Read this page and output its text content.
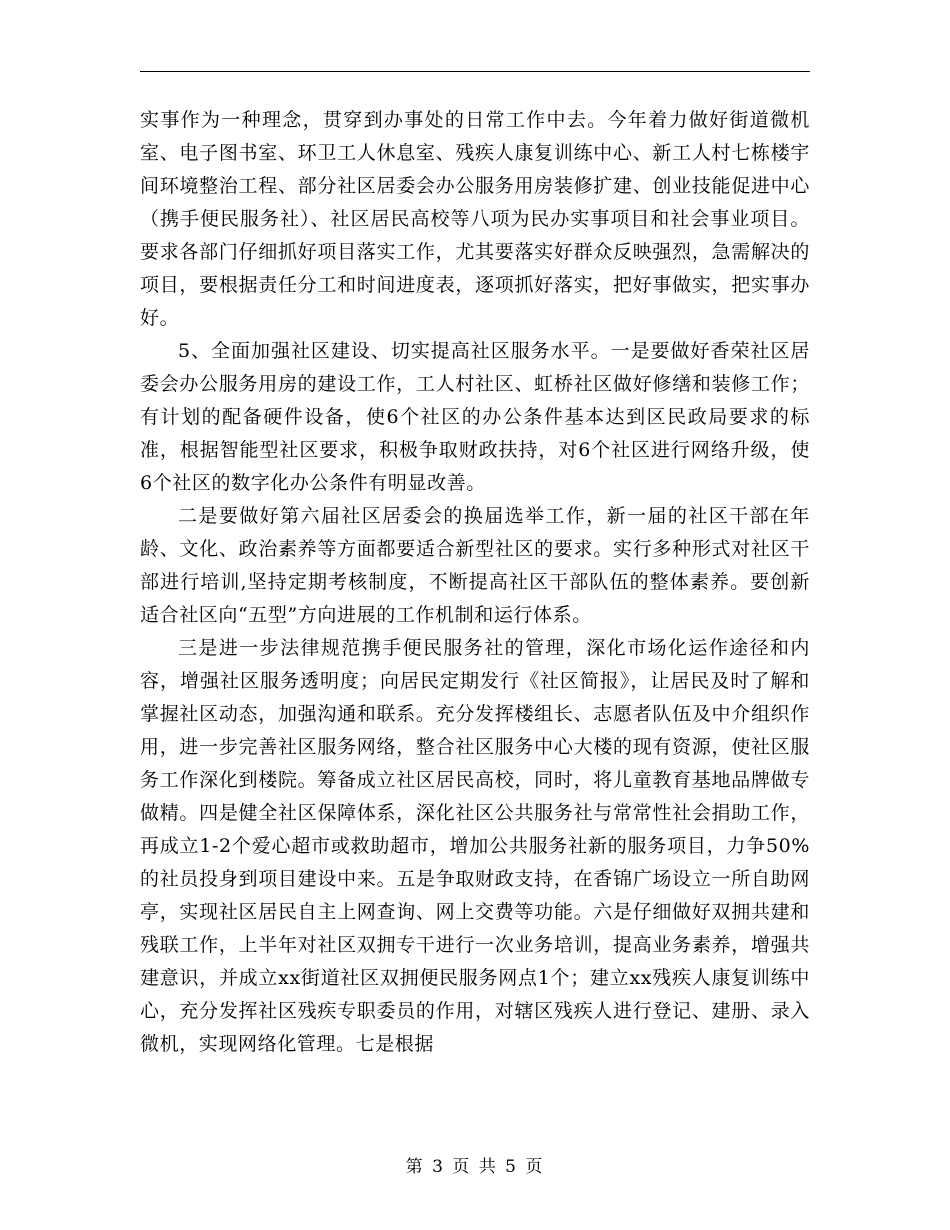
实事作为一种理念，贯穿到办事处的日常工作中去。今年着力做好街道微机室、电子图书室、环卫工人休息室、残疾人康复训练中心、新工人村七栋楼宇间环境整治工程、部分社区居委会办公服务用房装修扩建、创业技能促进中心（携手便民服务社）、社区居民高校等八项为民办实事项目和社会事业项目。要求各部门仔细抓好项目落实工作，尤其要落实好群众反映强烈，急需解决的项目，要根据责任分工和时间进度表，逐项抓好落实，把好事做实，把实事办好。

5、全面加强社区建设、切实提高社区服务水平。一是要做好香荣社区居委会办公服务用房的建设工作，工人村社区、虹桥社区做好修缮和装修工作；有计划的配备硬件设备，使6个社区的办公条件基本达到区民政局要求的标准，根据智能型社区要求，积极争取财政扶持，对6个社区进行网络升级，使6个社区的数字化办公条件有明显改善。

二是要做好第六届社区居委会的换届选举工作，新一届的社区干部在年龄、文化、政治素养等方面都要适合新型社区的要求。实行多种形式对社区干部进行培训,坚持定期考核制度，不断提高社区干部队伍的整体素养。要创新适合社区向“五型”方向进展的工作机制和运行体系。

三是进一步法律规范携手便民服务社的管理，深化市场化运作途径和内容，增强社区服务透明度；向居民定期发行《社区简报》，让居民及时了解和掌握社区动态，加强沟通和联系。充分发挥楼组长、志愿者队伍及中介组织作用，进一步完善社区服务网络，整合社区服务中心大楼的现有资源，使社区服务工作深化到楼院。筹备成立社区居民高校，同时，将儿童教育基地品牌做专做精。四是健全社区保障体系，深化社区公共服务社与常常性社会捐助工作，再成立1-2个爱心超市或救助超市，增加公共服务社新的服务项目，力争50%的社员投身到项目建设中来。五是争取财政支持，在香锦广场设立一所自助网亭，实现社区居民自主上网查询、网上交费等功能。六是仔细做好双拥共建和残联工作，上半年对社区双拥专干进行一次业务培训，提高业务素养，增强共建意识，并成立xx街道社区双拥便民服务网点1个；建立xx残疾人康复训练中心，充分发挥社区残疾专职委员的作用，对辖区残疾人进行登记、建册、录入微机，实现网络化管理。七是根据

第 3 页 共 5 页
